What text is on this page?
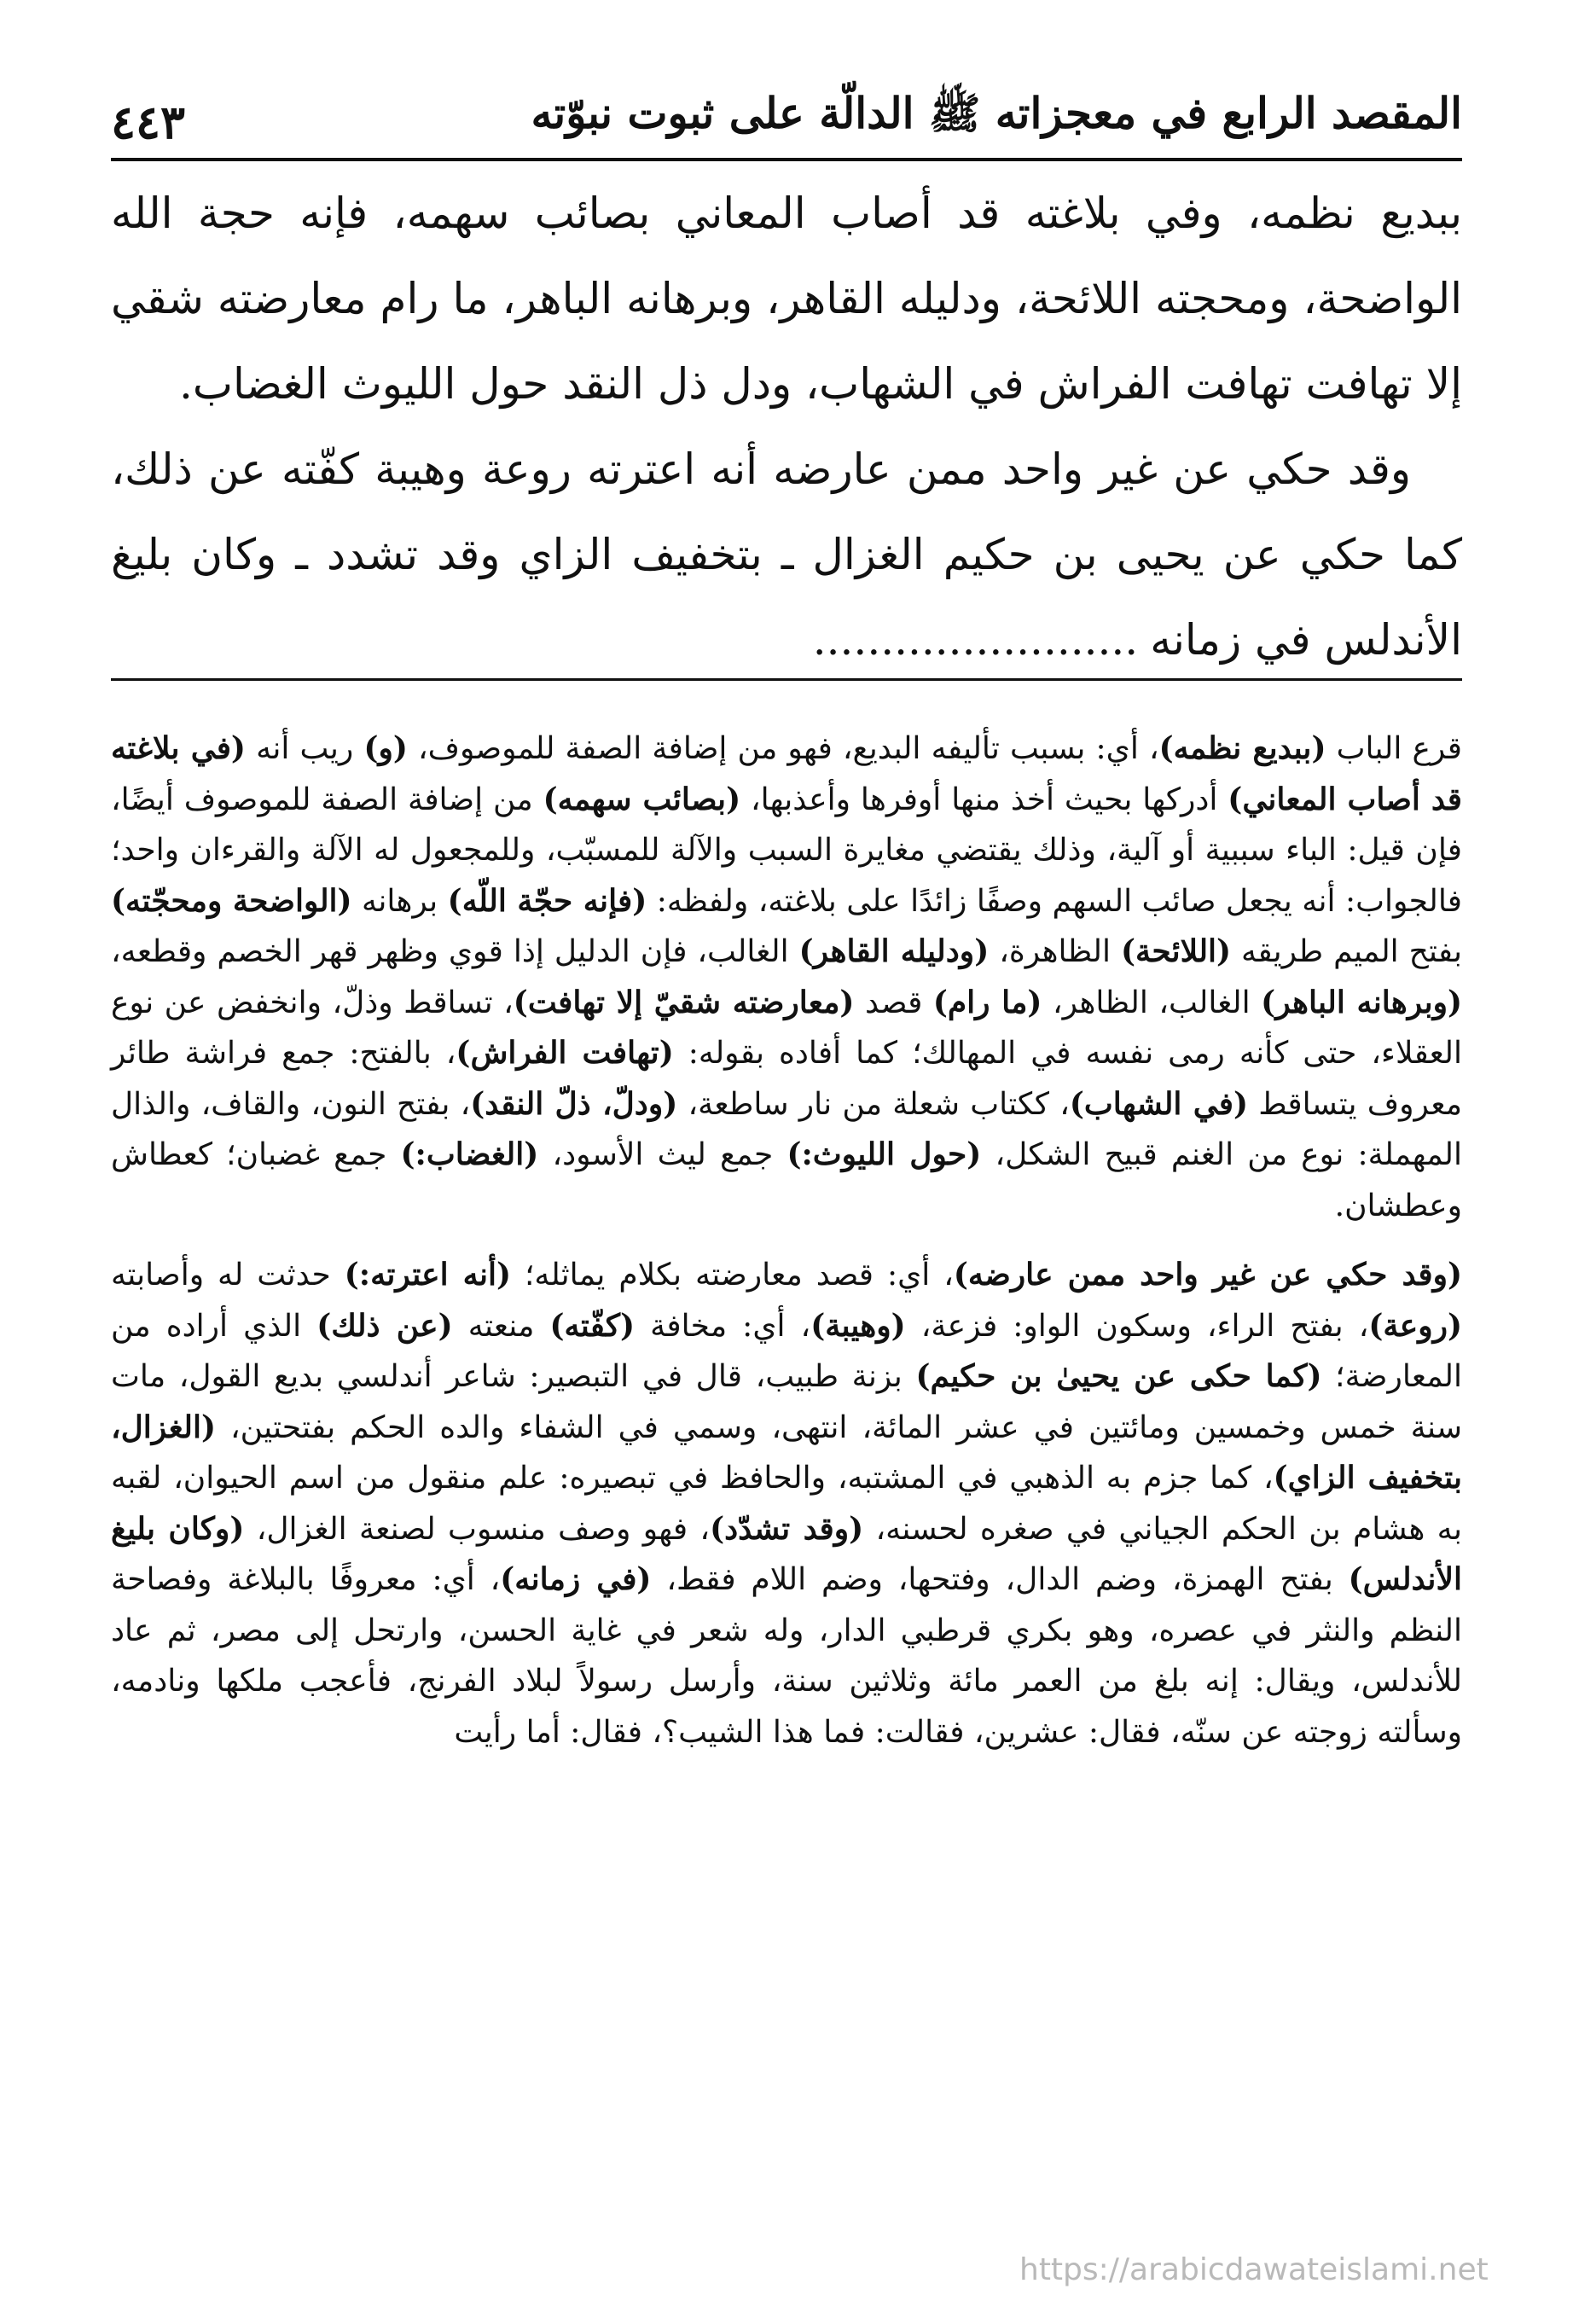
المقصد الرابع في معجزاته ﷺ الدالّة على ثبوت نبوّته
٤٤٣

ببديع نظمه، وفي بلاغته قد أصاب المعاني بصائب سهمه، فإنه حجة الله الواضحة، ومحجته اللائحة، ودليله القاهر، وبرهانه الباهر، ما رام معارضته شقي إلا تهافت تهافت الفراش في الشهاب، ودل ذل النقد حول الليوث الغضاب.

وقد حكي عن غير واحد ممن عارضه أنه اعترته روعة وهيبة كفّته عن ذلك، كما حكي عن يحيى بن حكيم الغزال ـ بتخفيف الزاي وقد تشدد ـ وكان بليغ الأندلس في زمانه........................

قرع الباب (ببديع نظمه)، أي: بسبب تأليفه البديع، فهو من إضافة الصفة للموصوف، (و) ريب أنه (في بلاغته قد أصاب المعاني) أدركها بحيث أخذ منها أوفرها وأعذبها، (بصائب سهمه) من إضافة الصفة للموصوف أيضًا، فإن قيل: الباء سببية أو آلية، وذلك يقتضي مغايرة السبب والآلة للمسبّب، وللمجعول له الآلة والقرءان واحد؛ فالجواب: أنه يجعل صائب السهم وصفًا زائدًا على بلاغته، ولفظه: (فإنه حجّة اللّه) برهانه (الواضحة ومحجّته) بفتح الميم طريقه (اللائحة) الظاهرة، (ودليله القاهر) الغالب، فإن الدليل إذا قوي وظهر قهر الخصم وقطعه، (وبرهانه الباهر) الغالب، الظاهر، (ما رام) قصد (معارضته شقيّ إلا تهافت)، تساقط وذلّ، وانخفض عن نوع العقلاء، حتى كأنه رمى نفسه في المهالك؛ كما أفاده بقوله: (تهافت الفراش)، بالفتح: جمع فراشة طائر معروف يتساقط (في الشهاب)، ككتاب شعلة من نار ساطعة، (ودلّ، ذلّ النقد)، بفتح النون، والقاف، والذال المهملة: نوع من الغنم قبيح الشكل، (حول الليوث:) جمع ليث الأسود، (الغضاب:) جمع غضبان؛ كعطاش وعطشان.

(وقد حكي عن غير واحد ممن عارضه)، أي: قصد معارضته بكلام يماثله؛ (أنه اعترته:) حدثت له وأصابته (روعة)، بفتح الراء، وسكون الواو: فزعة، (وهيبة)، أي: مخافة (كفّته) منعته (عن ذلك) الذي أراده من المعارضة؛ (كما حكى عن يحيىٰ بن حكيم) بزنة طبيب، قال في التبصير: شاعر أندلسي بديع القول، مات سنة خمس وخمسين ومائتين في عشر المائة، انتهى، وسمي في الشفاء والده الحكم بفتحتين، (الغزال، بتخفيف الزاي)، كما جزم به الذهبي في المشتبه، والحافظ في تبصيره: علم منقول من اسم الحيوان، لقبه به هشام بن الحكم الجياني في صغره لحسنه، (وقد تشدّد)، فهو وصف منسوب لصنعة الغزال، (وكان بليغ الأندلس) بفتح الهمزة، وضم الدال، وفتحها، وضم اللام فقط، (في زمانه)، أي: معروفًا بالبلاغة وفصاحة النظم والنثر في عصره، وهو بكري قرطبي الدار، وله شعر في غاية الحسن، وارتحل إلى مصر، ثم عاد للأندلس، ويقال: إنه بلغ من العمر مائة وثلاثين سنة، وأرسل رسولاً لبلاد الفرنج، فأعجب ملكها ونادمه، وسألته زوجته عن سنّه، فقال: عشرين، فقالت: فما هذا الشيب؟، فقال: أما رأيت

https://arabicdawateislami.net
